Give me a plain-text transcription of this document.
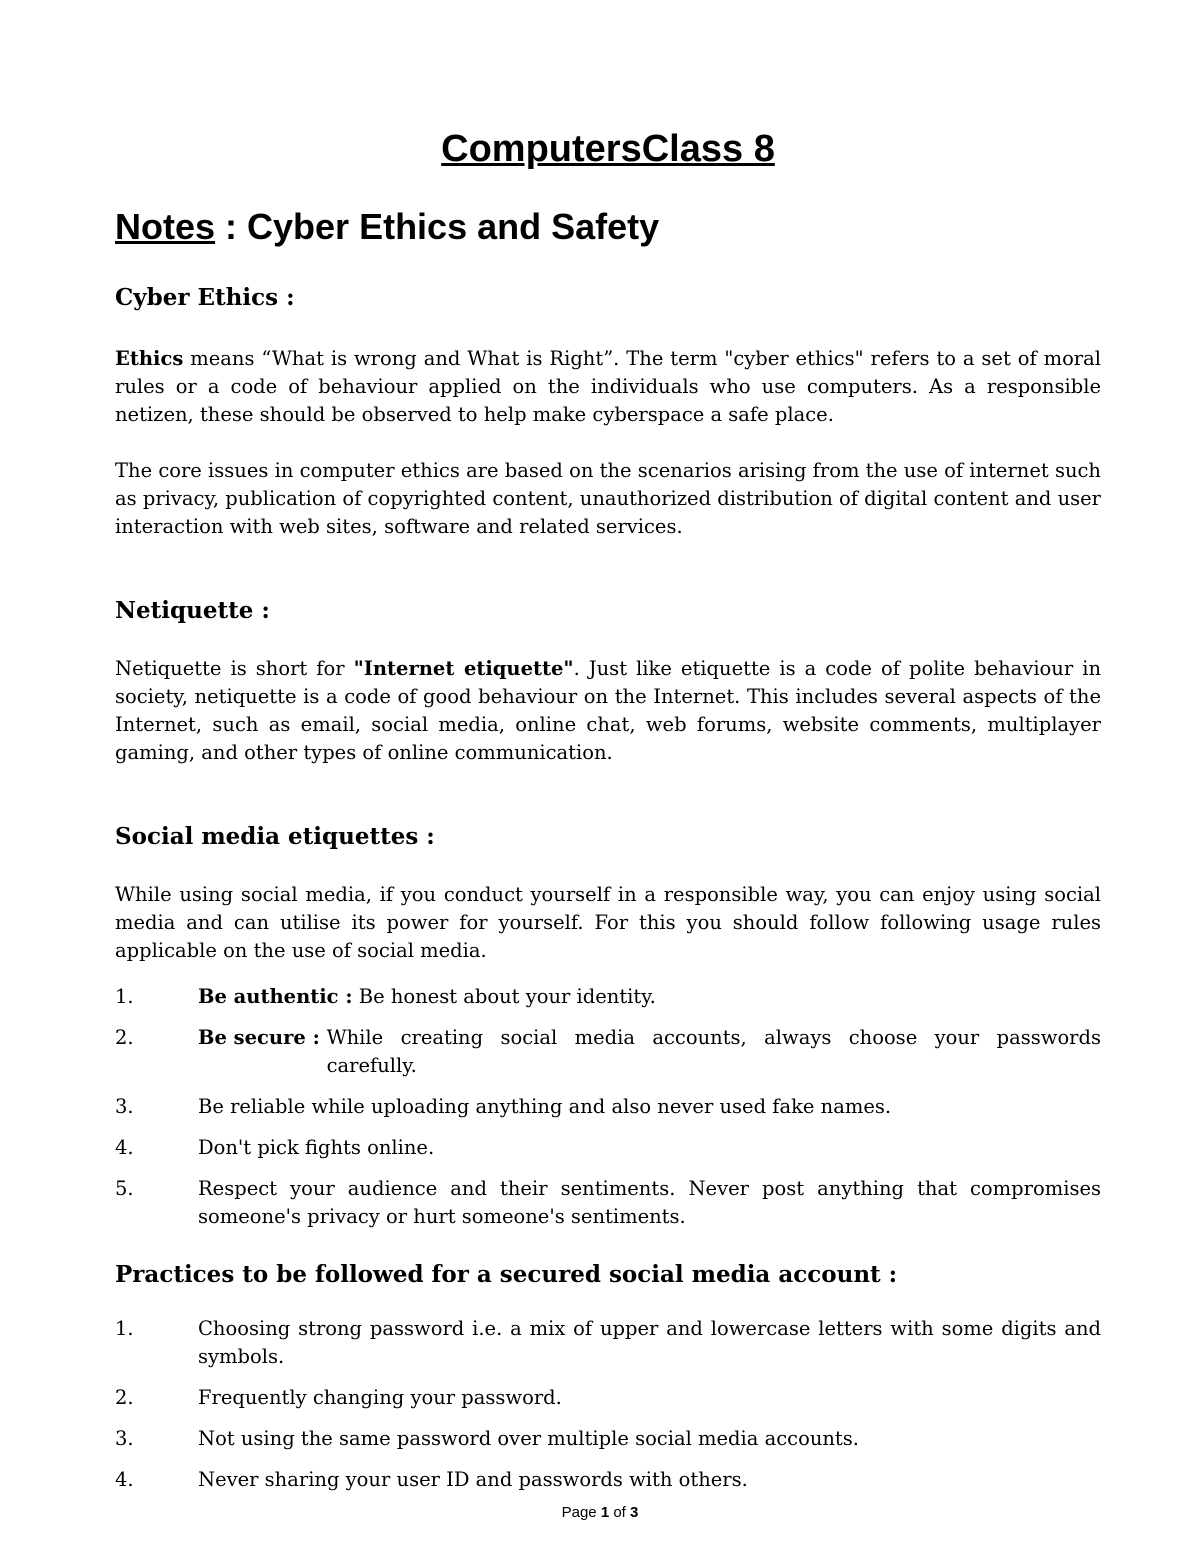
ComputersClass 8
Notes : Cyber Ethics and Safety
Cyber Ethics :

Ethics means “What is wrong and What is Right”. The term "cyber ethics" refers to a set of moral rules or a code of behaviour applied on the individuals who use computers. As a responsible netizen, these should be observed to help make cyberspace a safe place.

The core issues in computer ethics are based on the scenarios arising from the use of internet such as privacy, publication of copyrighted content, unauthorized distribution of digital content and user interaction with web sites, software and related services.

Netiquette :

Netiquette is short for "Internet etiquette". Just like etiquette is a code of polite behaviour in society, netiquette is a code of good behaviour on the Internet. This includes several aspects of the Internet, such as email, social media, online chat, web forums, website comments, multiplayer gaming, and other types of online communication.

Social media etiquettes :

While using social media, if you conduct yourself in a responsible way, you can enjoy using social media and can utilise its power for yourself. For this you should follow following usage rules applicable on the use of social media.

1.	Be authentic : Be honest about your identity.
2.	Be secure : While creating social media accounts, always choose your passwords carefully.
3.	Be reliable while uploading anything and also never used fake names.
4.	Don't pick fights online.
5.	Respect your audience and their sentiments. Never post anything that compromises someone's privacy or hurt someone's sentiments.
Practices to be followed for a secured social media account :
1.	Choosing strong password i.e. a mix of upper and lowercase letters with some digits and symbols.
2.	Frequently changing your password.
3.	Not using the same password over multiple social media accounts.
4.	Never sharing your user ID and passwords with others.
Page 1 of 3
